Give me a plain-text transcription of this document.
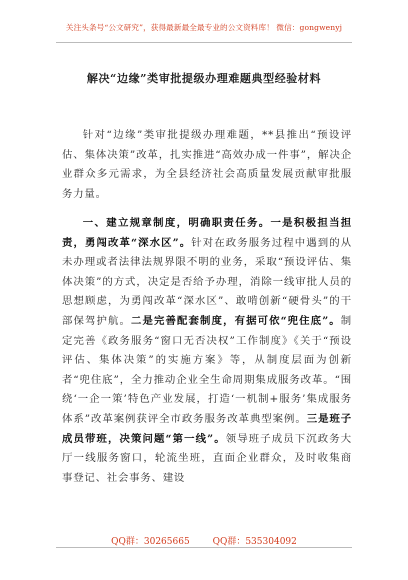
关注头条号“公文研究”，获得最新最全最专业的公文资料库！ 微信：gongwenyj
解决“边缘”类审批提级办理难题典型经验材料

针对“边缘”类审批提级办理难题，**县推出“预设评估、集体决策”改革，扎实推进“高效办成一件事”，解决企业群众多元需求，为全县经济社会高质量发展贡献审批服务力量。

一、建立规章制度，明确职责任务。一是积极担当担责，勇闯改革“深水区”。针对在政务服务过程中遇到的从未办理或者法律法规界限不明的业务，采取“预设评估、集体决策”的方式，决定是否给予办理，消除一线审批人员的思想顾虑，为勇闯改革“深水区”、敢啃创新“硬骨头”的干部保驾护航。二是完善配套制度，有据可依“兜住底”。制定完善《政务服务“窗口无否决权”工作制度》《关于“预设评估、集体决策”的实施方案》等，从制度层面为创新者“兜住底”，全力推动企业全生命周期集成服务改革。“围绕‘一企一策’特色产业发展，打造‘一机制+服务’集成服务体系”改革案例获评全市政务服务改革典型案例。三是班子成员带班，决策问题“第一线”。领导班子成员下沉政务大厅一线服务窗口，轮流坐班，直面企业群众，及时收集商事登记、社会事务、建设

QQ群：30265665	QQ群：535304092
